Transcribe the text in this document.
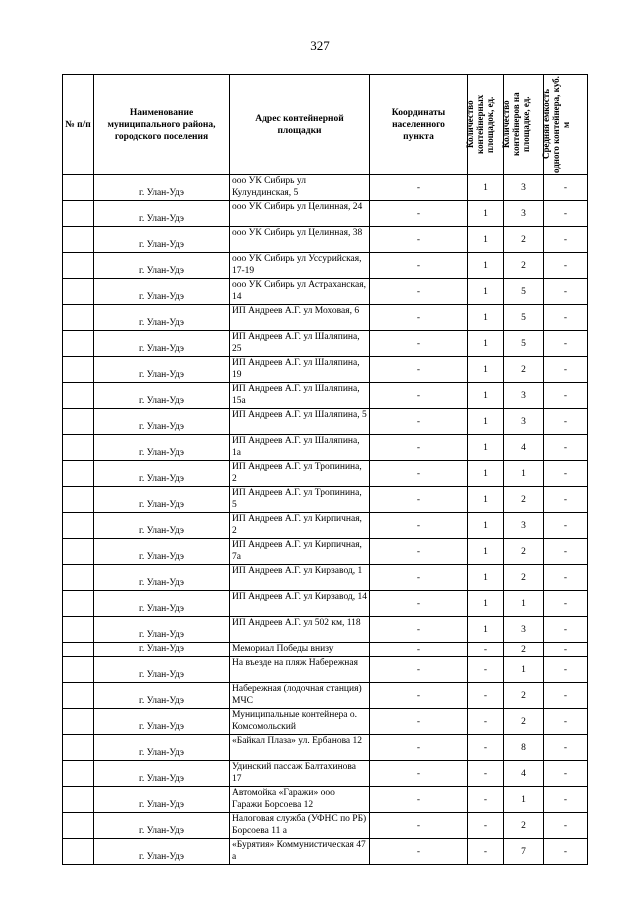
327
№ п/п	Наименование муниципального района, городского поселения	Адрес контейнерной площадки	Координаты населенного пункта	Количество контейнерных площадок, ед.	Количество контейнеров на площадке, ед.	Средняя емкость одного контейнера, куб. м

	г. Улан-Удэ	ооо УК Сибирь ул Кулундинская, 5	-	1	3	-
	г. Улан-Удэ	ооо УК Сибирь ул Целинная, 24	-	1	3	-
	г. Улан-Удэ	ооо УК Сибирь ул Целинная, 38	-	1	2	-
	г. Улан-Удэ	ооо УК Сибирь ул Уссурийская, 17-19	-	1	2	-
	г. Улан-Удэ	ооо УК Сибирь ул Астраханская, 14	-	1	5	-
	г. Улан-Удэ	ИП Андреев А.Г. ул Моховая, 6	-	1	5	-
	г. Улан-Удэ	ИП Андреев А.Г. ул Шаляпина, 25	-	1	5	-
	г. Улан-Удэ	ИП Андреев А.Г. ул Шаляпина, 19	-	1	2	-
	г. Улан-Удэ	ИП Андреев А.Г. ул Шаляпина, 15а	-	1	3	-
	г. Улан-Удэ	ИП Андреев А.Г. ул Шаляпина, 5	-	1	3	-
	г. Улан-Удэ	ИП Андреев А.Г. ул Шаляпина, 1а	-	1	4	-
	г. Улан-Удэ	ИП Андреев А.Г. ул Тропинина, 2	-	1	1	-
	г. Улан-Удэ	ИП Андреев А.Г. ул Тропинина, 5	-	1	2	-
	г. Улан-Удэ	ИП Андреев А.Г. ул Кирпичная, 2	-	1	3	-
	г. Улан-Удэ	ИП Андреев А.Г. ул Кирпичная, 7а	-	1	2	-
	г. Улан-Удэ	ИП Андреев А.Г. ул Кирзавод, 1	-	1	2	-
	г. Улан-Удэ	ИП Андреев А.Г. ул Кирзавод, 14	-	1	1	-
	г. Улан-Удэ	ИП Андреев А.Г. ул 502 км, 118	-	1	3	-
	г. Улан-Удэ	Мемориал Победы внизу	-	-	2	-
	г. Улан-Удэ	На въезде на пляж Набережная	-	-	1	-
	г. Улан-Удэ	Набережная (лодочная станция) МЧС	-	-	2	-
	г. Улан-Удэ	Муниципальные контейнера о. Комсомольский	-	-	2	-
	г. Улан-Удэ	«Байкал Плаза» ул. Ербанова 12	-	-	8	-
	г. Улан-Удэ	Удинский пассаж Балтахинова 17	-	-	4	-
	г. Улан-Удэ	Автомойка «Гаражи» ооо Гаражи Борсоева 12	-	-	1	-
	г. Улан-Удэ	Налоговая служба (УФНС по РБ) Борсоева 11 а	-	-	2	-
	г. Улан-Удэ	«Бурятия» Коммунистическая 47 а	-	-	7	-
